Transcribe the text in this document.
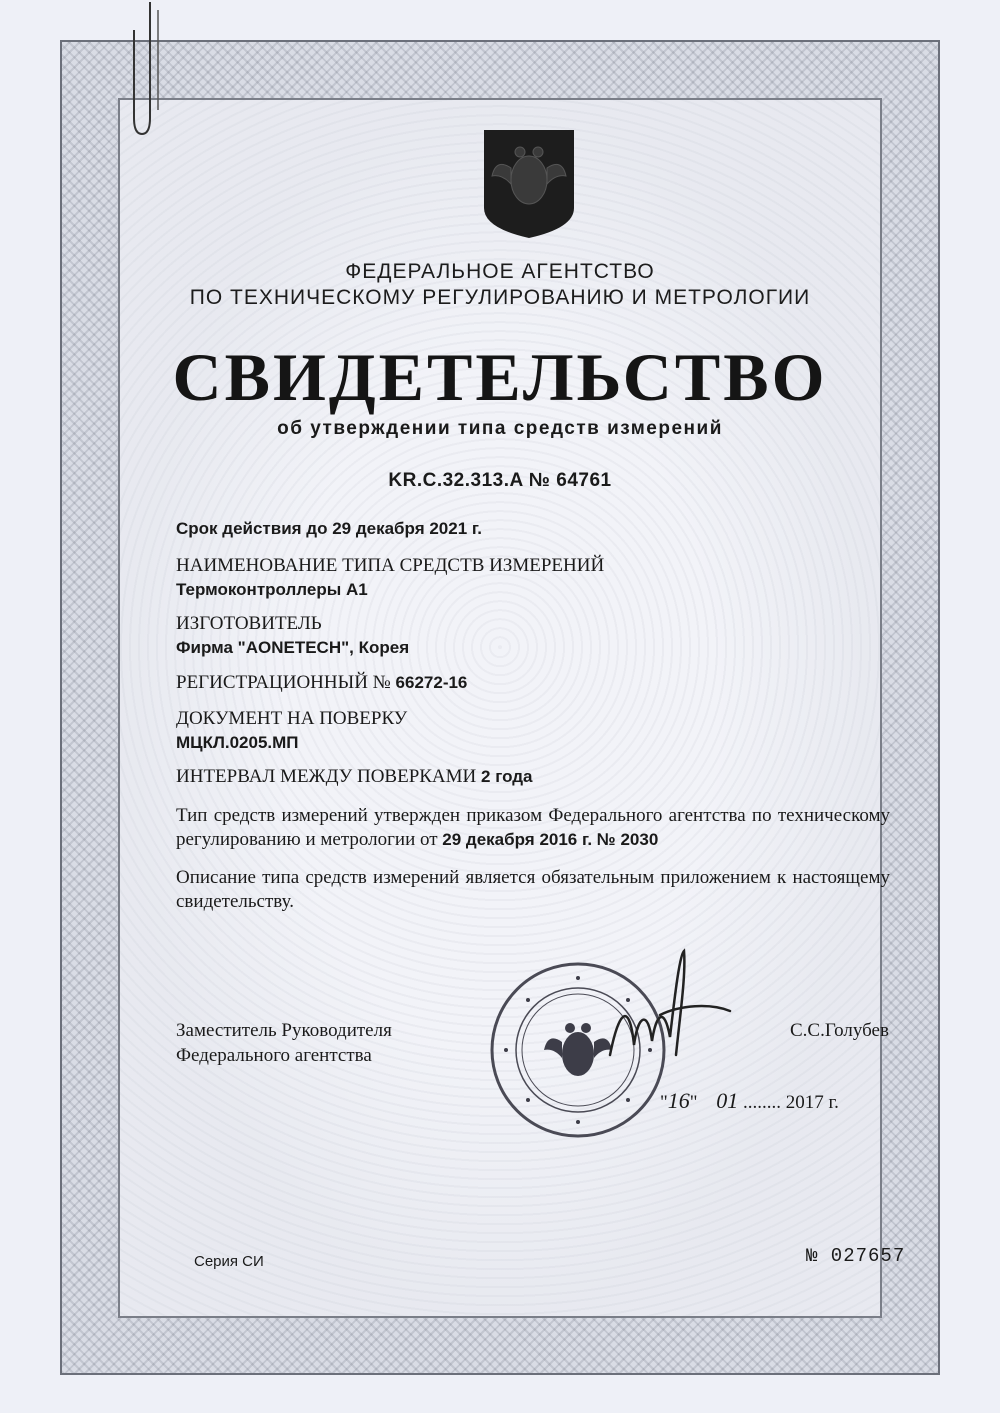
ФЕДЕРАЛЬНОЕ АГЕНТСТВО
ПО ТЕХНИЧЕСКОМУ РЕГУЛИРОВАНИЮ И МЕТРОЛОГИИ
СВИДЕТЕЛЬСТВО
об утверждении типа средств измерений
KR.C.32.313.A № 64761
Срок действия до 29 декабря 2021 г.
НАИМЕНОВАНИЕ ТИПА СРЕДСТВ ИЗМЕРЕНИЙ
Термоконтроллеры А1
ИЗГОТОВИТЕЛЬ
Фирма "AONETECH", Корея
РЕГИСТРАЦИОННЫЙ № 66272-16
ДОКУМЕНТ НА ПОВЕРКУ
МЦКЛ.0205.МП
ИНТЕРВАЛ МЕЖДУ ПОВЕРКАМИ 2 года
Тип средств измерений утвержден приказом Федерального агентства по техническому регулированию и метрологии от 29 декабря 2016 г. № 2030
Описание типа средств измерений является обязательным приложением к настоящему свидетельству.
Заместитель Руководителя
Федерального агентства
С.С.Голубев
"16" 01 ........ 2017 г.
Серия СИ	№ 027657
